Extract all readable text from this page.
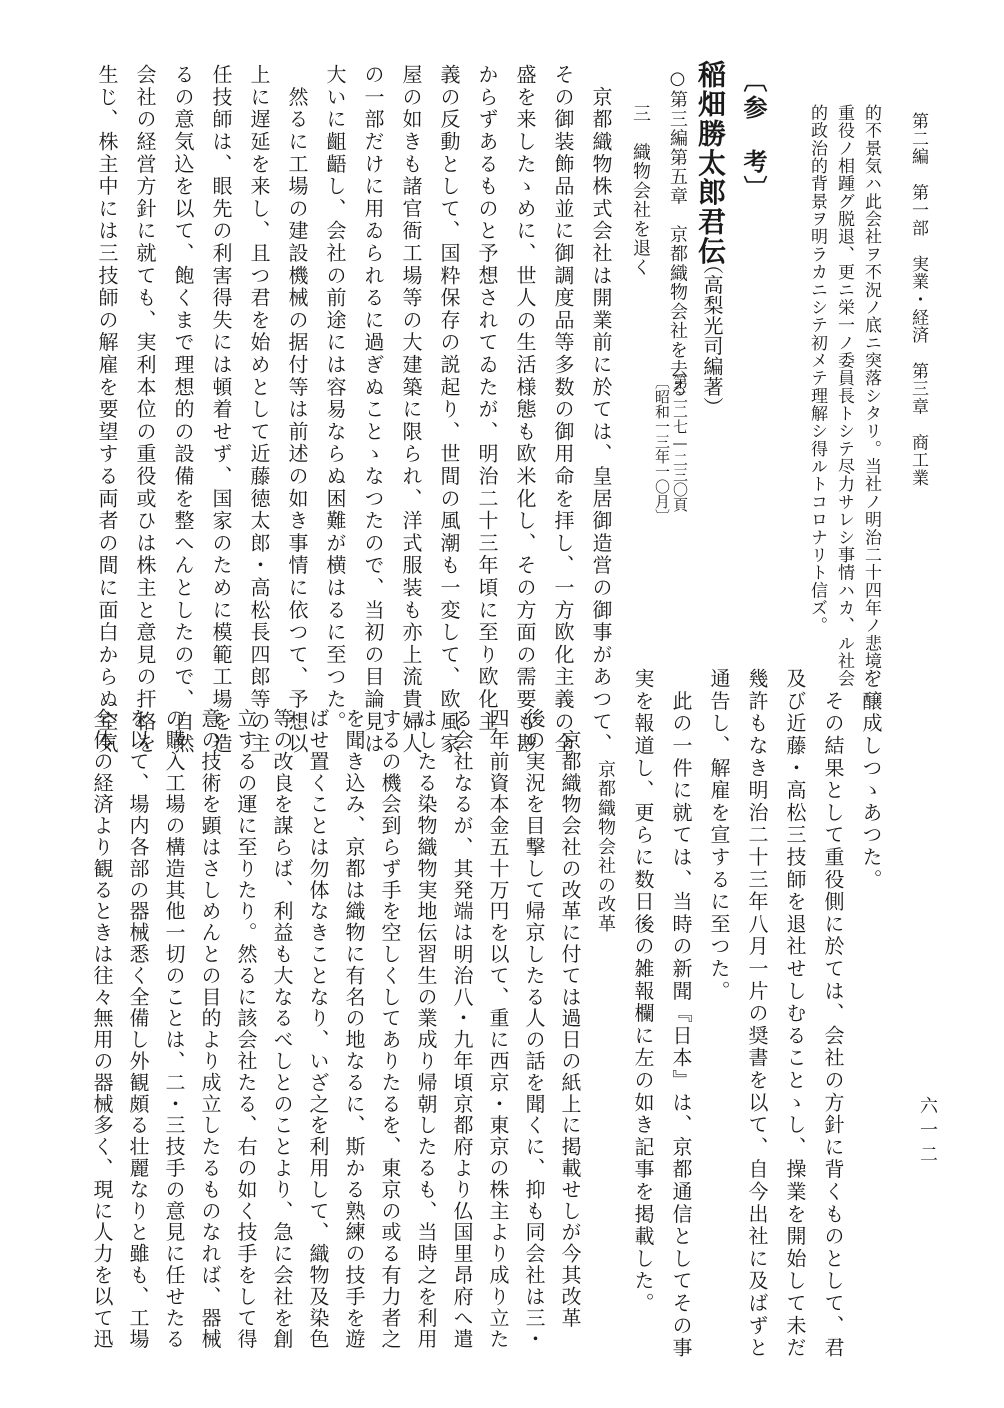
第二編　第一部　実業・経済　第三章　商工業
六一二
的不景気ハ此会社ヲ不況ノ底ニ突落シタリ。当社ノ明治二十四年ノ悲境、
重役ノ相踵グ脱退、更ニ栄一ノ委員長トシテ尽力サレシ事情ハカ、ル社会
的政治的背景ヲ明ラカニシテ初メテ理解シ得ルトコロナリト信ズ。
〔参　考〕
稲畑勝太郎君伝
（高梨光司編著）
第二二七—二三〇頁
〔昭和一三年一〇月〕
○第三編第五章　京都織物会社を去る
三　織物会社を退く
　京都織物株式会社は開業前に於ては、皇居御造営の御事があつて、
その御装飾品並に御調度品等多数の御用命を拝し、一方欧化主義の全
盛を来したゝめに、世人の生活様態も欧米化し、その方面の需要も尠
からずあるものと予想されてゐたが、明治二十三年頃に至り欧化主
義の反動として、国粋保存の説起り、世間の風潮も一変して、欧風家
屋の如きも諸官衙工場等の大建築に限られ、洋式服装も亦上流貴婦人
の一部だけに用ゐられるに過ぎぬことゝなつたので、当初の目論見は
大いに齟齬し、会社の前途には容易ならぬ困難が横はるに至つた。
　然るに工場の建設機械の据付等は前述の如き事情に依つて、予想以
上に遅延を来し、且つ君を始めとして近藤徳太郎・高松長四郎等の主
任技師は、眼先の利害得失には頓着せず、国家のために模範工場を造
るの意気込を以て、飽くまで理想的の設備を整へんとしたので、自然
会社の経営方針に就ても、実利本位の重役或ひは株主と意見の扞格を
生じ、株主中には三技師の解雇を要望する両者の間に面白からぬ空気
を醸成しつゝあつた。
　その結果として重役側に於ては、会社の方針に背くものとして、君
及び近藤・高松三技師を退社せしむることゝし、操業を開始して未だ
幾許もなき明治二十三年八月一片の奨書を以て、自今出社に及ばずと
通告し、解雇を宣するに至つた。
　此の一件に就ては、当時の新聞『日本』は、京都通信としてその事
実を報道し、更らに数日後の雑報欄に左の如き記事を掲載した。
京都織物会社の改革
　京都織物会社の改革に付ては過日の紙上に掲載せしが今其改革
後の実況を目撃して帰京したる人の話を聞くに、抑も同会社は三・
四年前資本金五十万円を以て、重に西京・東京の株主より成り立た
る会社なるが、其発端は明治八・九年頃京都府より仏国里昂府へ遣
はしたる染物織物実地伝習生の業成り帰朝したるも、当時之を利用
するの機会到らず手を空しくしてありたるを、東京の或る有力者之
を聞き込み、京都は織物に有名の地なるに、斯かる熟練の技手を遊
ばせ置くことは勿体なきことなり、いざ之を利用して、織物及染色
等の改良を謀らば、利益も大なるべしとのことより、急に会社を創
立するの運に至りたり。然るに該会社たる、右の如く技手をして得
意の技術を顕はさしめんとの目的より成立したるものなれば、器械
の購入工場の構造其他一切のことは、二・三技手の意見に任せたる
を以て、場内各部の器械悉く全備し外観頗る壮麗なりと雖も、工場
全体の経済より観るときは往々無用の器械多く、現に人力を以て迅
